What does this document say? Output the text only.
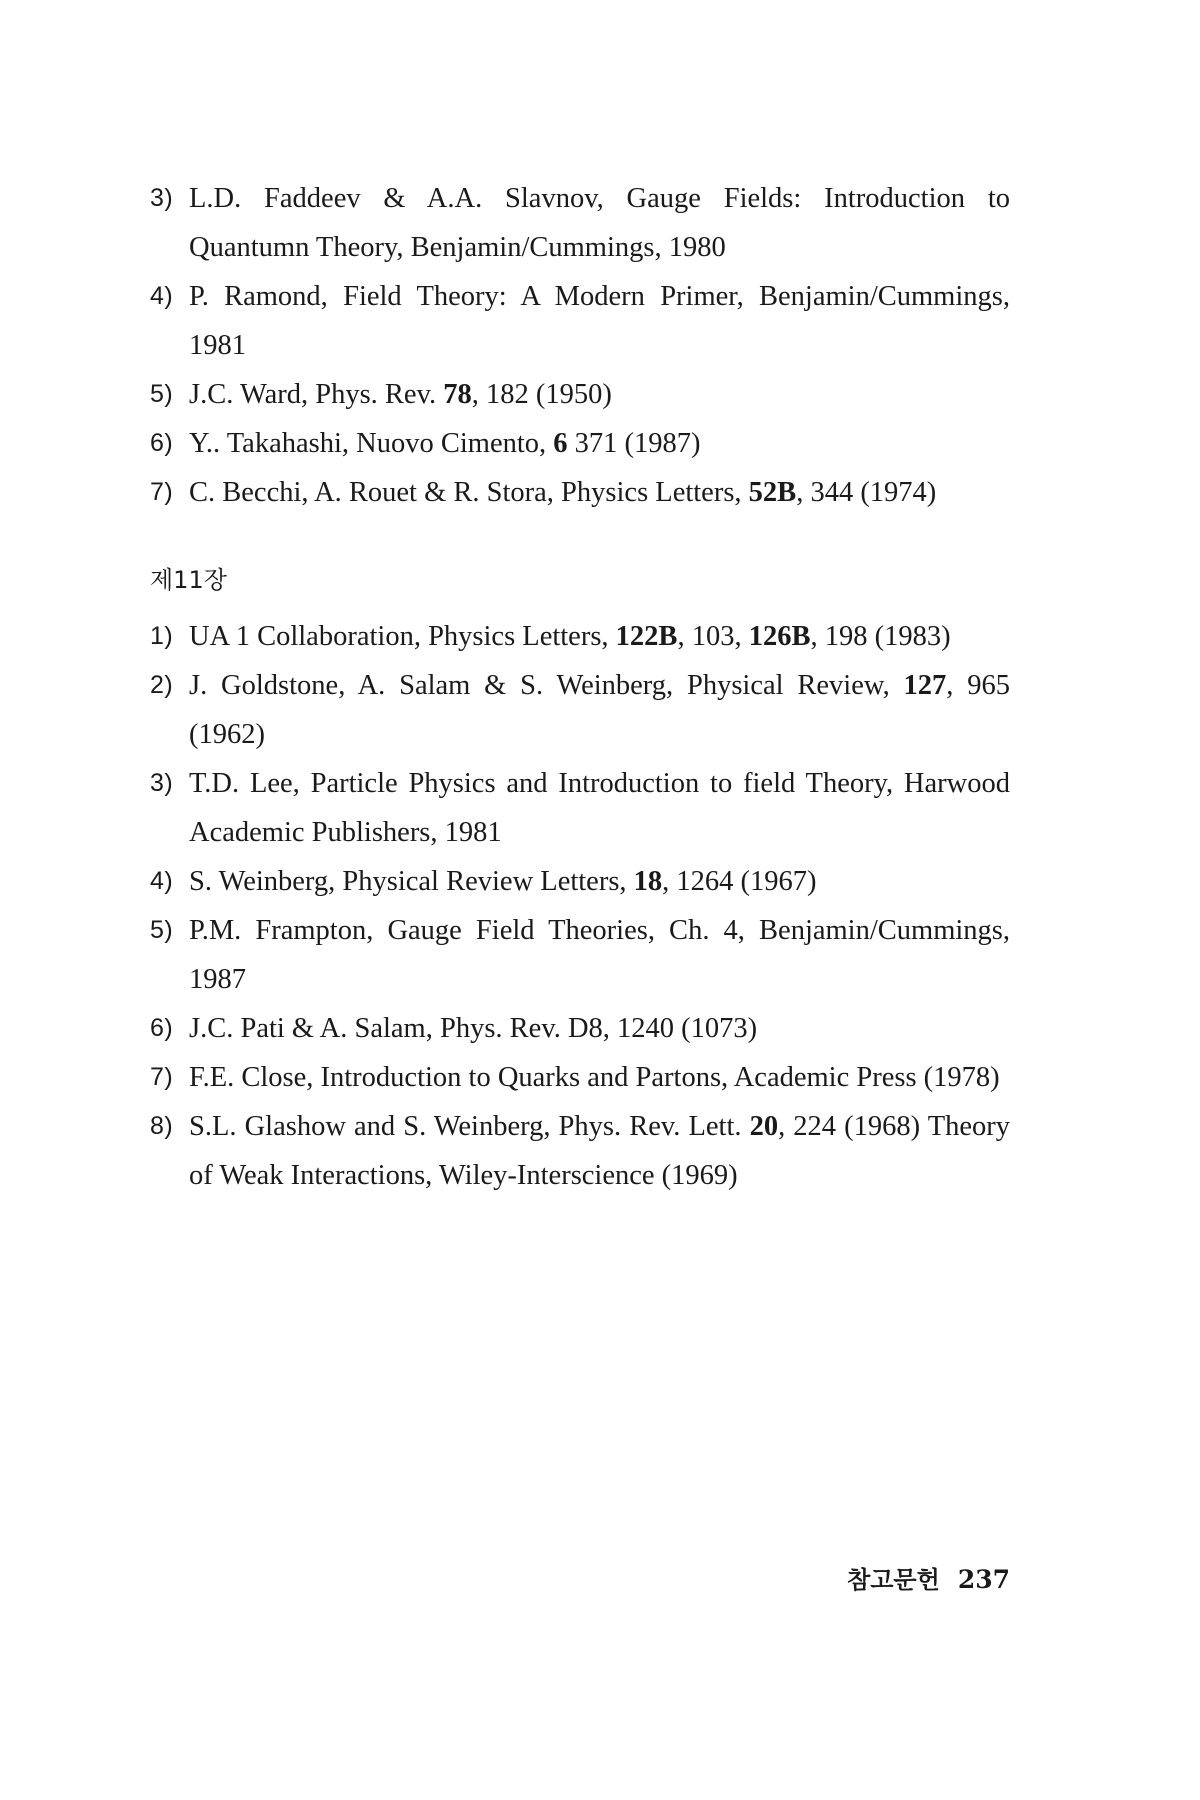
3) L.D. Faddeev & A.A. Slavnov, Gauge Fields: Introduction to Quantumn Theory, Benjamin/Cummings, 1980
4) P. Ramond, Field Theory: A Modern Primer, Benjamin/Cummings, 1981
5) J.C. Ward, Phys. Rev. 78, 182 (1950)
6) Y.. Takahashi, Nuovo Cimento, 6 371 (1987)
7) C. Becchi, A. Rouet & R. Stora, Physics Letters, 52B, 344 (1974)
제11장
1) UA 1 Collaboration, Physics Letters, 122B, 103, 126B, 198 (1983)
2) J. Goldstone, A. Salam & S. Weinberg, Physical Review, 127, 965 (1962)
3) T.D. Lee, Particle Physics and Introduction to field Theory, Harwood Academic Publishers, 1981
4) S. Weinberg, Physical Review Letters, 18, 1264 (1967)
5) P.M. Frampton, Gauge Field Theories, Ch. 4, Benjamin/Cummings, 1987
6) J.C. Pati & A. Salam, Phys. Rev. D8, 1240 (1073)
7) F.E. Close, Introduction to Quarks and Partons, Academic Press (1978)
8) S.L. Glashow and S. Weinberg, Phys. Rev. Lett. 20, 224 (1968) Theory of Weak Interactions, Wiley-Interscience (1969)
참고문헌 237
